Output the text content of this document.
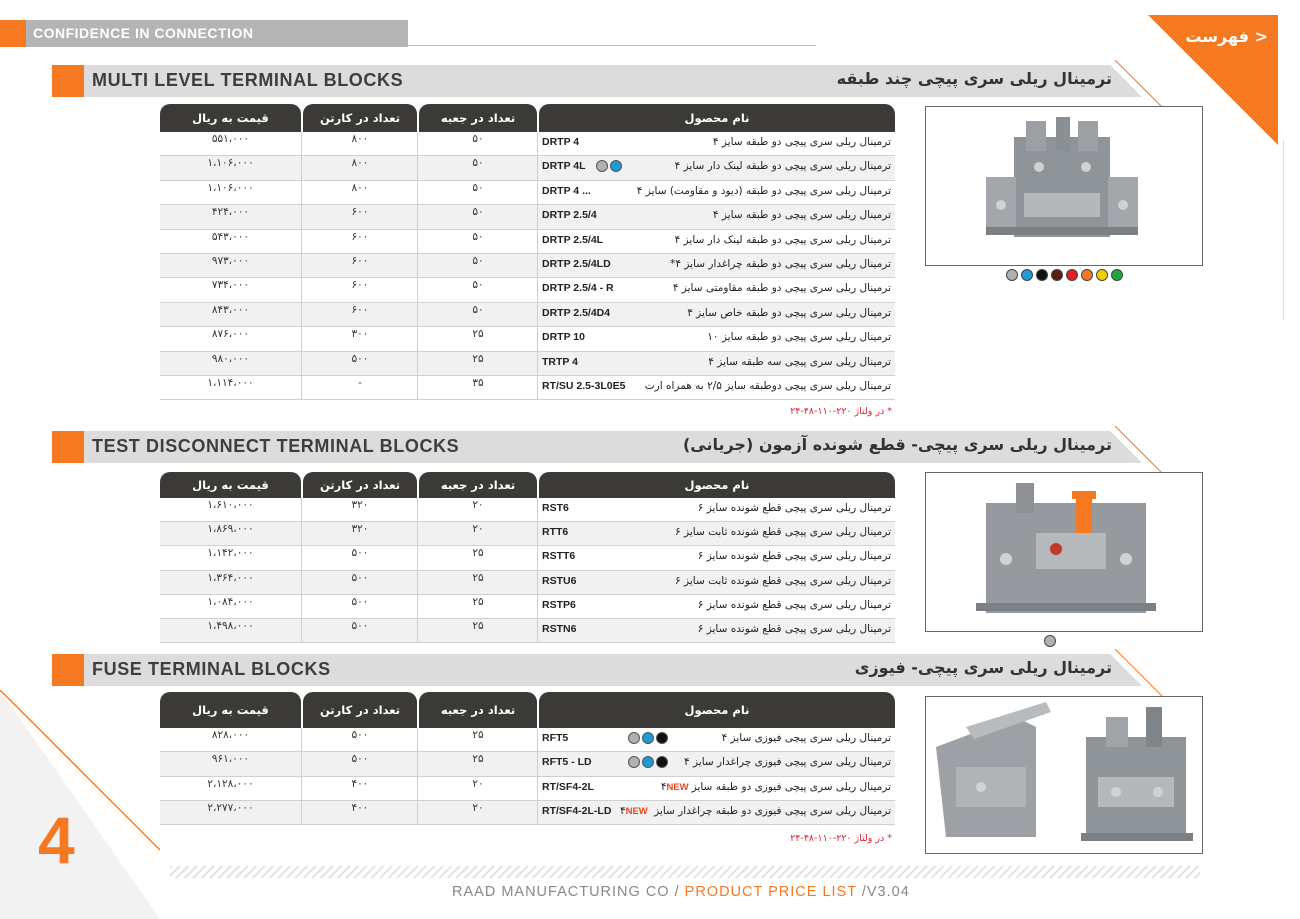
CONFIDENCE IN CONNECTION	< فهرست
MULTI LEVEL TERMINAL BLOCKS	ترمینال ریلی سری پیچی چند طبقه
قیمت به ریال	تعداد در کارتن	تعداد در جعبه	نام محصول
۵۵۱،۰۰۰	۸۰۰	۵۰	DRTP 4	ترمینال ریلی سری پیچی دو طبقه سایز ۴
۱،۱۰۶،۰۰۰	۸۰۰	۵۰	DRTP 4L	ترمینال ریلی سری پیچی دو طبقه لینک دار سایز ۴
۱،۱۰۶،۰۰۰	۸۰۰	۵۰	DRTP 4 ...	ترمینال ریلی سری پیچی دو طبقه (دیود و مقاومت) سایز ۴
۴۲۴،۰۰۰	۶۰۰	۵۰	DRTP 2.5/4	ترمینال ریلی سری پیچی دو طبقه سایز ۴
۵۴۳،۰۰۰	۶۰۰	۵۰	DRTP 2.5/4L	ترمینال ریلی سری پیچی دو طبقه لینک دار سایز ۴
۹۷۳،۰۰۰	۶۰۰	۵۰	DRTP 2.5/4LD	ترمینال ریلی سری پیچی دو طبقه چراغدار سایز ۴*
۷۳۴،۰۰۰	۶۰۰	۵۰	DRTP 2.5/4 - R	ترمینال ریلی سری پیچی دو طبقه مقاومتی سایز ۴
۸۴۳،۰۰۰	۶۰۰	۵۰	DRTP 2.5/4D4	ترمینال ریلی سری پیچی دو طبقه خاص سایز ۴
۸۷۶،۰۰۰	۳۰۰	۲۵	DRTP 10	ترمینال ریلی سری پیچی دو طبقه سایز ۱۰
۹۸۰،۰۰۰	۵۰۰	۲۵	TRTP 4	ترمینال ریلی سری پیچی سه طبقه سایز ۴
۱،۱۱۴،۰۰۰	-	۳۵	RT/SU 2.5-3L0E5 ترمینال ریلی سری پیچی دوطبقه سایز ۲/۵ به همراه ارت
* در ولتاژ ۲۲۰-۱۱۰-۴۸-۲۴
TEST DISCONNECT TERMINAL BLOCKS	ترمینال ریلی سری پیچی- قطع شونده آزمون (جریانی)
قیمت به ریال	تعداد در کارتن	تعداد در جعبه	نام محصول
۱،۶۱۰،۰۰۰	۳۲۰	۲۰	RST6	ترمینال ریلی سری پیچی قطع شونده سایز ۶
۱،۸۶۹،۰۰۰	۳۲۰	۲۰	RTT6	ترمینال ریلی سری پیچی قطع شونده ثابت سایز ۶
۱،۱۴۲،۰۰۰	۵۰۰	۲۵	RSTT6	ترمینال ریلی سری پیچی قطع شونده سایز ۶
۱،۳۶۴،۰۰۰	۵۰۰	۲۵	RSTU6	ترمینال ریلی سری پیچی قطع شونده ثابت سایز ۶
۱،۰۸۴،۰۰۰	۵۰۰	۲۵	RSTP6	ترمینال ریلی سری پیچی قطع شونده سایز ۶
۱،۴۹۸،۰۰۰	۵۰۰	۲۵	RSTN6	ترمینال ریلی سری پیچی قطع شونده سایز ۶
FUSE TERMINAL BLOCKS	ترمینال ریلی سری پیچی- فیوزی
قیمت به ریال	تعداد در کارتن	تعداد در جعبه	نام محصول
۸۲۸،۰۰۰	۵۰۰	۲۵	RFT5	ترمینال ریلی سری پیچی فیوزی سایز ۴
۹۶۱،۰۰۰	۵۰۰	۲۵	RFT5 - LD	ترمینال ریلی سری پیچی فیوزی چراغدار سایز ۴
۲،۱۲۸،۰۰۰	۴۰۰	۲۰	RT/SF4-2L	ترمینال ریلی سری پیچی فیوزی دو طبقه سایز۴NEW
۲،۲۷۷،۰۰۰	۴۰۰	۲۰	RT/SF4-2L-LD ترمینال ریلی سری پیچی فیوزی دو طبقه چراغدار سایز ۴NEW
* در ولتاژ ۲۲۰-۱۱۰-۴۸-۲۴
4
RAAD MANUFACTURING CO / PRODUCT PRICE LIST /V3.04
